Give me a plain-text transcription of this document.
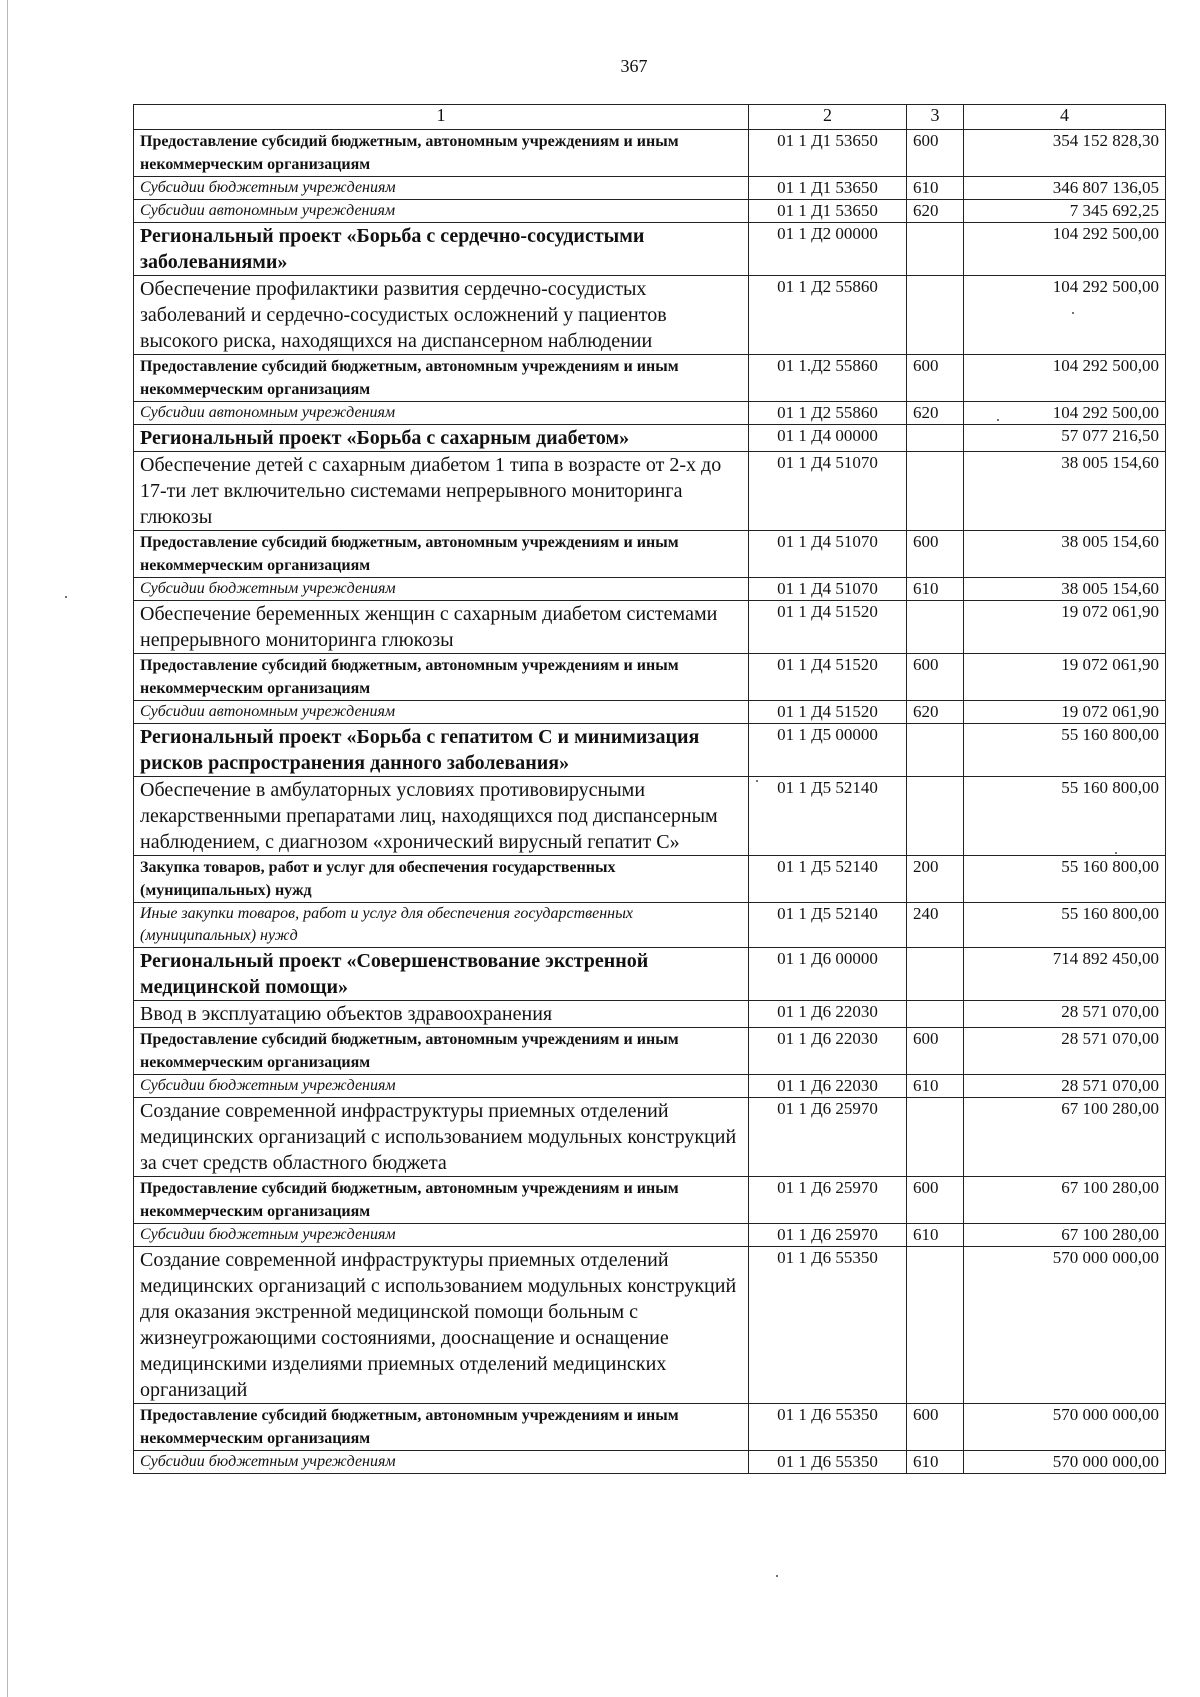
367
1	2	3	4
Предоставление субсидий бюджетным, автономным учреждениям и иным некоммерческим организациям	01 1 Д1 53650	600	354 152 828,30
Субсидии бюджетным учреждениям	01 1 Д1 53650	610	346 807 136,05
Субсидии автономным учреждениям	01 1 Д1 53650	620	7 345 692,25
Региональный проект «Борьба с сердечно-сосудистыми заболеваниями»	01 1 Д2 00000		104 292 500,00
Обеспечение профилактики развития сердечно-сосудистых заболеваний и сердечно-сосудистых осложнений у пациентов высокого риска, находящихся на диспансерном наблюдении	01 1 Д2 55860		104 292 500,00
Предоставление субсидий бюджетным, автономным учреждениям и иным некоммерческим организациям	01 1.Д2 55860	600	104 292 500,00
Субсидии автономным учреждениям	01 1 Д2 55860	620	104 292 500,00
Региональный проект «Борьба с сахарным диабетом»	01 1 Д4 00000		57 077 216,50
Обеспечение детей с сахарным диабетом 1 типа в возрасте от 2-х до 17-ти лет включительно системами непрерывного мониторинга глюкозы	01 1 Д4 51070		38 005 154,60
Предоставление субсидий бюджетным, автономным учреждениям и иным некоммерческим организациям	01 1 Д4 51070	600	38 005 154,60
Субсидии бюджетным учреждениям	01 1 Д4 51070	610	38 005 154,60
Обеспечение беременных женщин с сахарным диабетом системами непрерывного мониторинга глюкозы	01 1 Д4 51520		19 072 061,90
Предоставление субсидий бюджетным, автономным учреждениям и иным некоммерческим организациям	01 1 Д4 51520	600	19 072 061,90
Субсидии автономным учреждениям	01 1 Д4 51520	620	19 072 061,90
Региональный проект «Борьба с гепатитом С и минимизация рисков распространения данного заболевания»	01 1 Д5 00000		55 160 800,00
Обеспечение в амбулаторных условиях противовирусными лекарственными препаратами лиц, находящихся под диспансерным наблюдением, с диагнозом «хронический вирусный гепатит С»	01 1 Д5 52140		55 160 800,00
Закупка товаров, работ и услуг для обеспечения государственных (муниципальных) нужд	01 1 Д5 52140	200	55 160 800,00
Иные закупки товаров, работ и услуг для обеспечения государственных (муниципальных) нужд	01 1 Д5 52140	240	55 160 800,00
Региональный проект «Совершенствование экстренной медицинской помощи»	01 1 Д6 00000		714 892 450,00
Ввод в эксплуатацию объектов здравоохранения	01 1 Д6 22030		28 571 070,00
Предоставление субсидий бюджетным, автономным учреждениям и иным некоммерческим организациям	01 1 Д6 22030	600	28 571 070,00
Субсидии бюджетным учреждениям	01 1 Д6 22030	610	28 571 070,00
Создание современной инфраструктуры приемных отделений медицинских организаций с использованием модульных конструкций за счет средств областного бюджета	01 1 Д6 25970		67 100 280,00
Предоставление субсидий бюджетным, автономным учреждениям и иным некоммерческим организациям	01 1 Д6 25970	600	67 100 280,00
Субсидии бюджетным учреждениям	01 1 Д6 25970	610	67 100 280,00
Создание современной инфраструктуры приемных отделений медицинских организаций с использованием модульных конструкций для оказания экстренной медицинской помощи больным с жизнеугрожающими состояниями, дооснащение и оснащение медицинскими изделиями приемных отделений медицинских организаций	01 1 Д6 55350		570 000 000,00
Предоставление субсидий бюджетным, автономным учреждениям и иным некоммерческим организациям	01 1 Д6 55350	600	570 000 000,00
Субсидии бюджетным учреждениям	01 1 Д6 55350	610	570 000 000,00
